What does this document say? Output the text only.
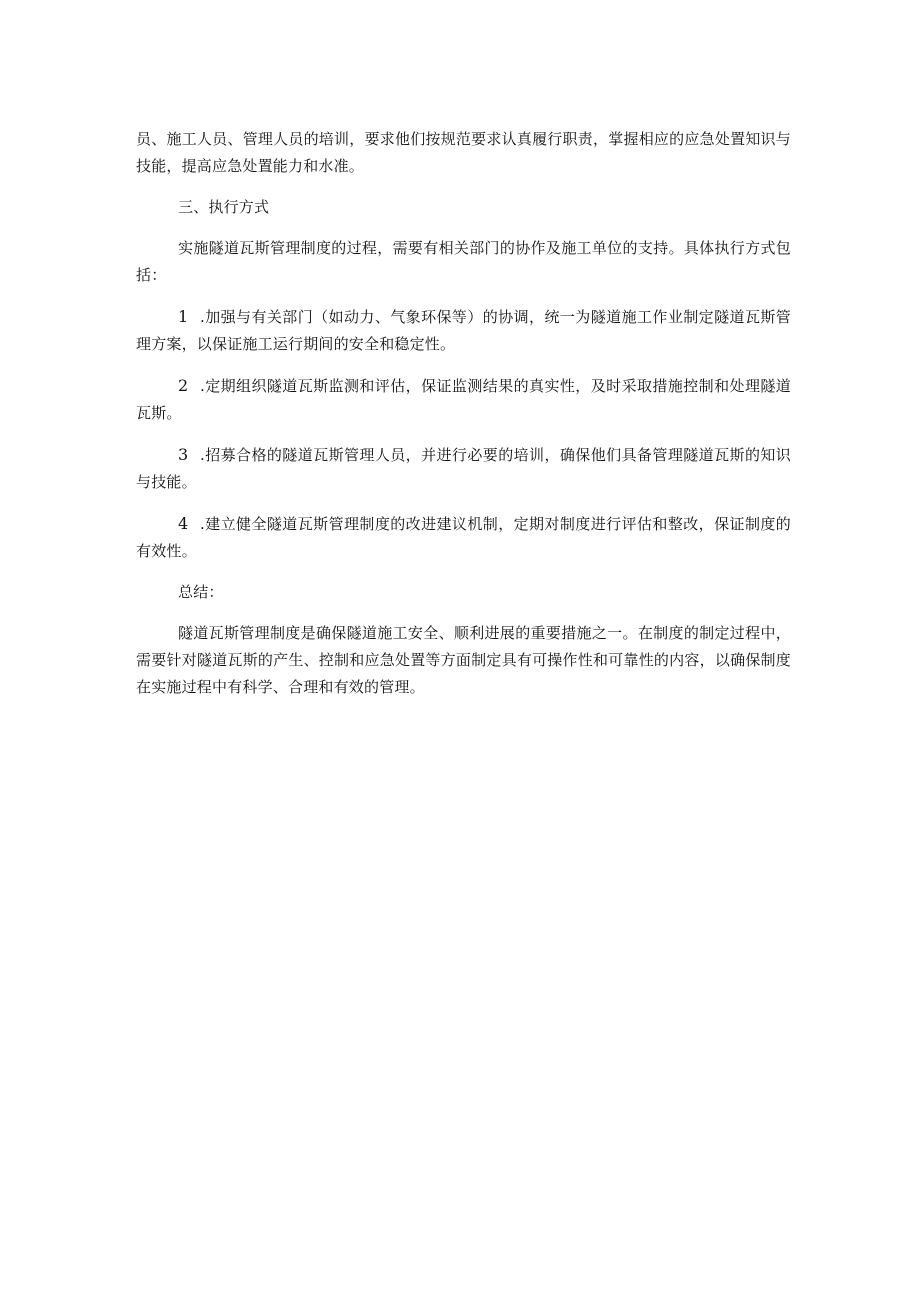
员、施工人员、管理人员的培训，要求他们按规范要求认真履行职责，掌握相应的应急处置知识与技能，提高应急处置能力和水准。

三、执行方式

实施隧道瓦斯管理制度的过程，需要有相关部门的协作及施工单位的支持。具体执行方式包括：

1 .加强与有关部门（如动力、气象环保等）的协调，统一为隧道施工作业制定隧道瓦斯管理方案，以保证施工运行期间的安全和稳定性。

2 .定期组织隧道瓦斯监测和评估，保证监测结果的真实性，及时采取措施控制和处理隧道瓦斯。

3 .招募合格的隧道瓦斯管理人员，并进行必要的培训，确保他们具备管理隧道瓦斯的知识与技能。

4 .建立健全隧道瓦斯管理制度的改进建议机制，定期对制度进行评估和整改，保证制度的有效性。

总结：

隧道瓦斯管理制度是确保隧道施工安全、顺利进展的重要措施之一。在制度的制定过程中，需要针对隧道瓦斯的产生、控制和应急处置等方面制定具有可操作性和可靠性的内容，以确保制度在实施过程中有科学、合理和有效的管理。
